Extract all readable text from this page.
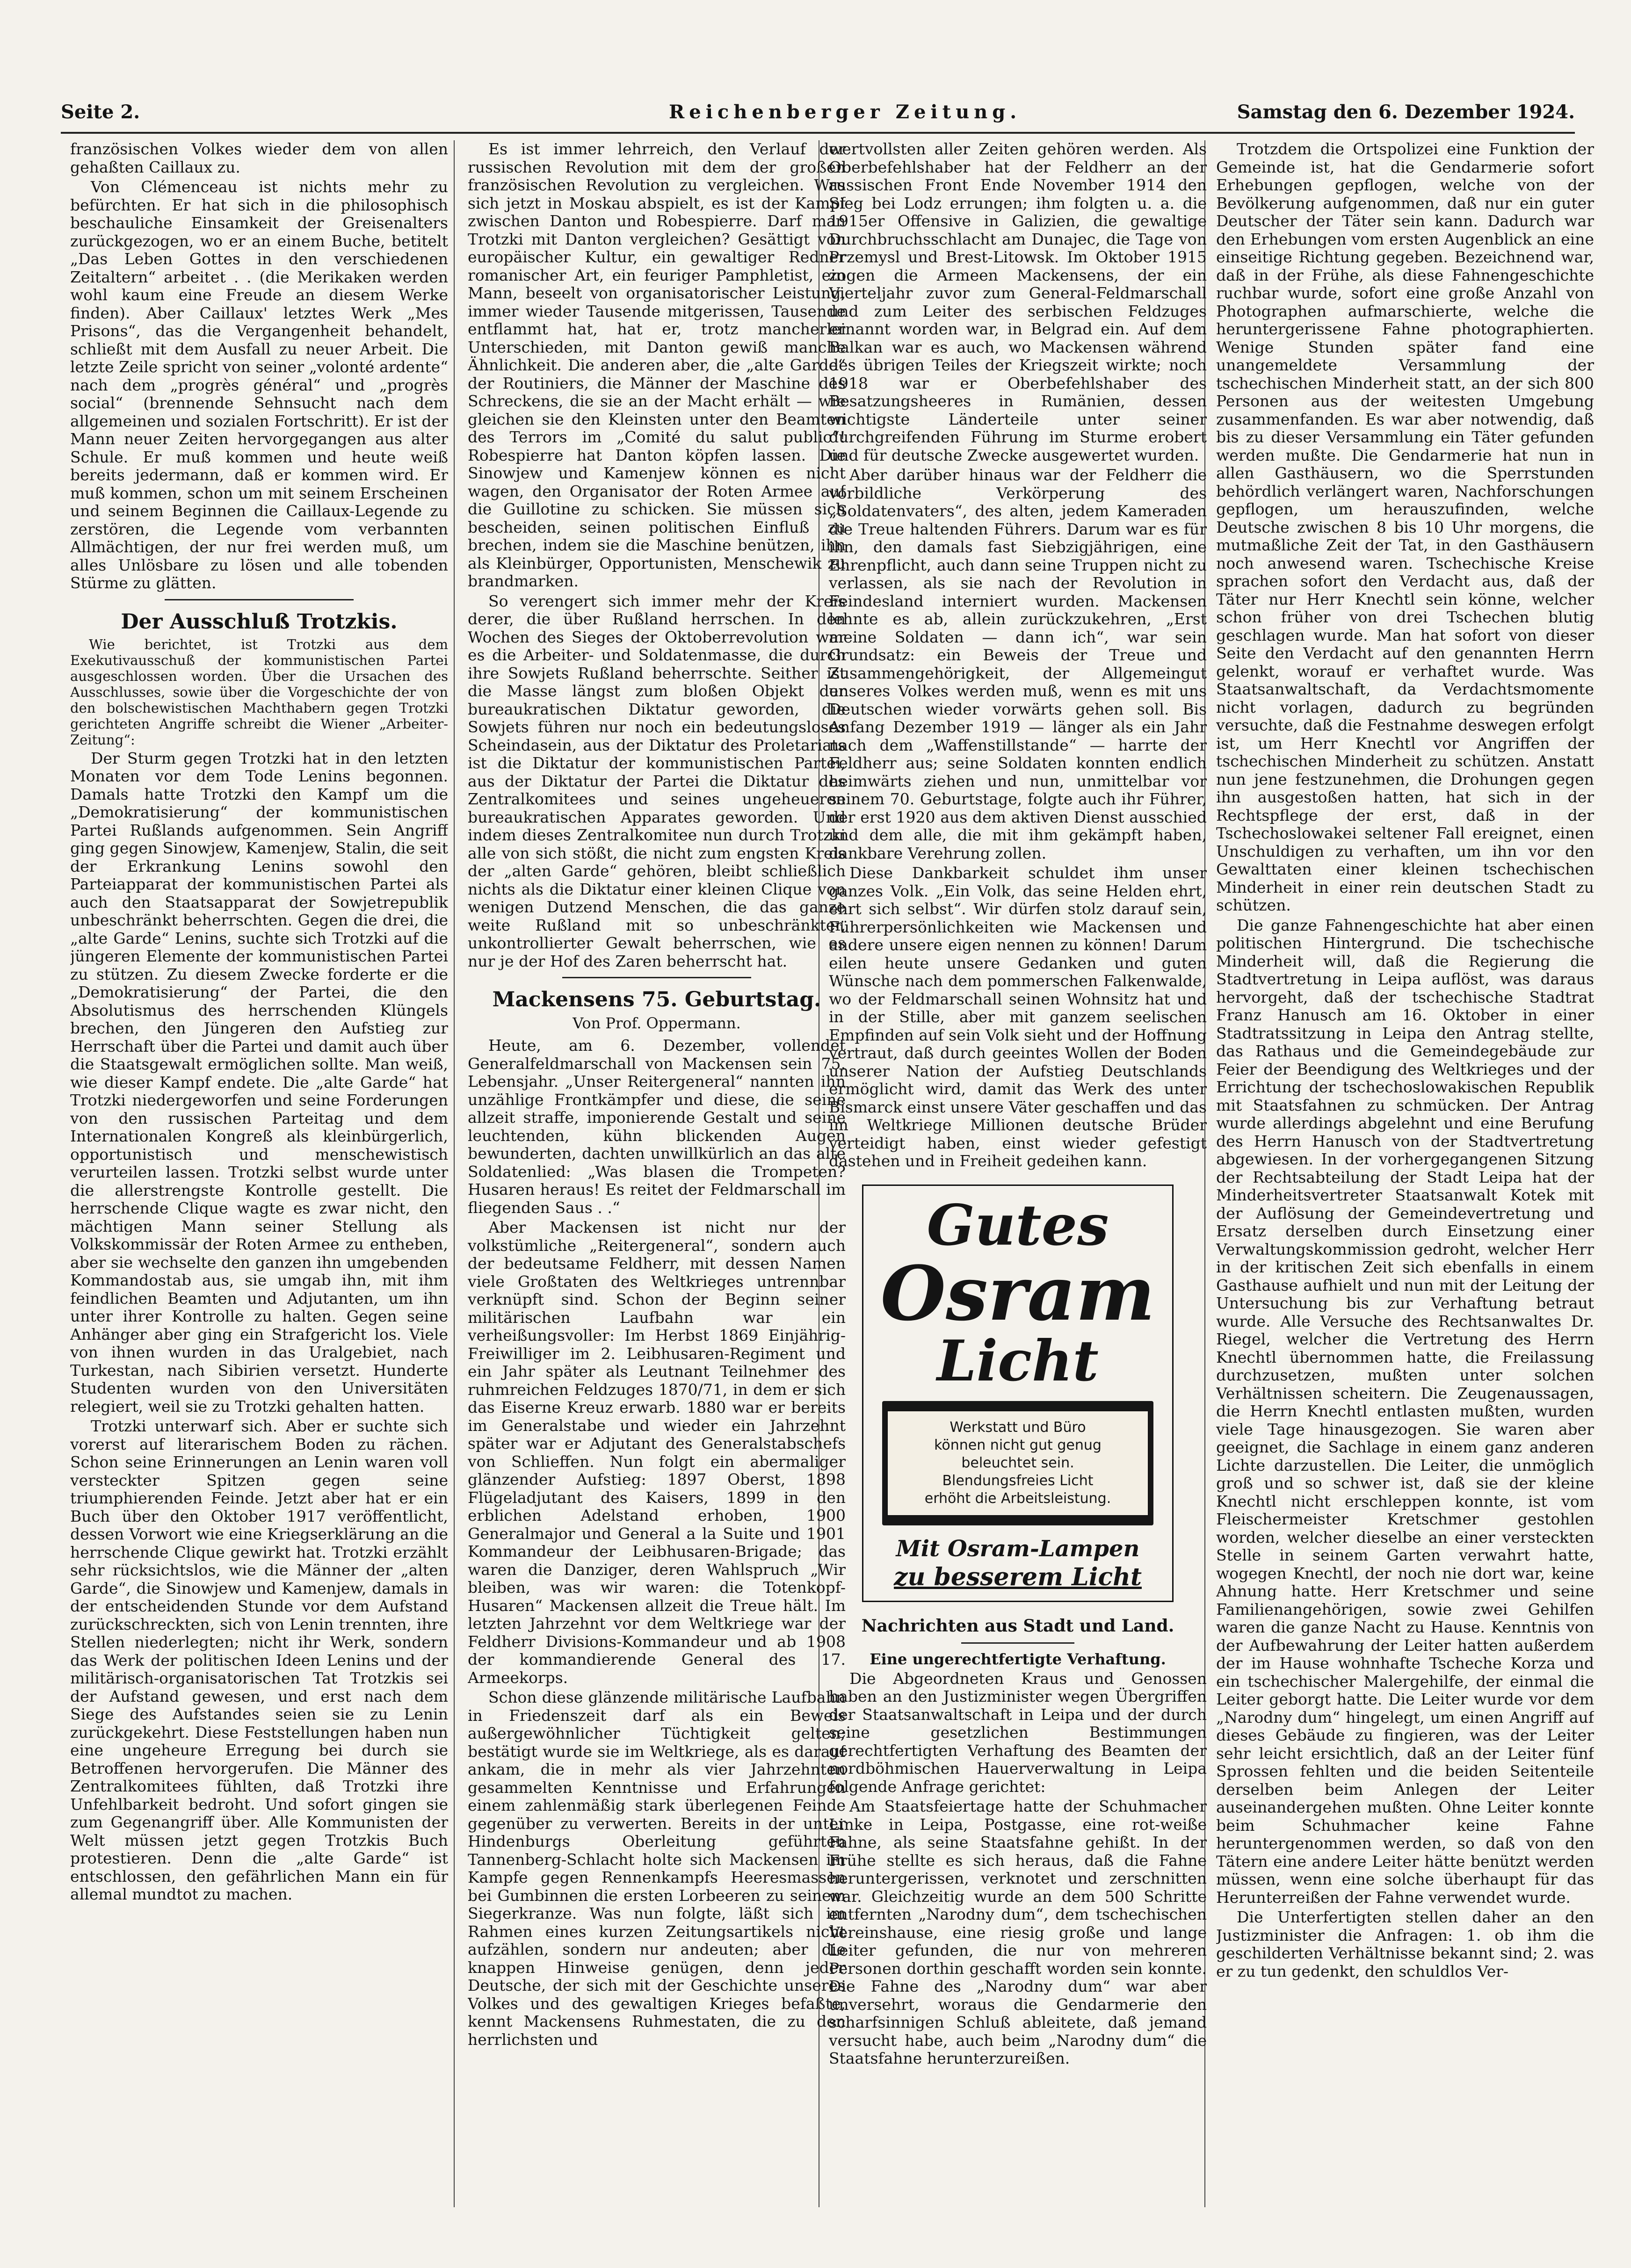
Seite 2.	Reichenberger Zeitung.	Samstag den 6. Dezember 1924.

französischen Volkes wieder dem von allen gehaßten Caillaux zu.

Von Clémenceau ist nichts mehr zu befürchten. Er hat sich in die philosophisch beschauliche Einsamkeit der Greisenalters zurückgezogen, wo er an einem Buche, betitelt „Das Leben Gottes in den verschiedenen Zeitaltern“ arbeitet . . (die Merikaken werden wohl kaum eine Freude an diesem Werke finden). Aber Caillaux' letztes Werk „Mes Prisons“, das die Vergangenheit behandelt, schließt mit dem Ausfall zu neuer Arbeit. Die letzte Zeile spricht von seiner „volonté ardente“ nach dem „progrès général“ und „progrès social“ (brennende Sehnsucht nach dem allgemeinen und sozialen Fortschritt). Er ist der Mann neuer Zeiten hervorgegangen aus alter Schule. Er muß kommen und heute weiß bereits jedermann, daß er kommen wird. Er muß kommen, schon um mit seinem Erscheinen und seinem Beginnen die Caillaux-Legende zu zerstören, die Legende vom verbannten Allmächtigen, der nur frei werden muß, um alles Unlösbare zu lösen und alle tobenden Stürme zu glätten.

Der Ausschluß Trotzkis.

Wie berichtet, ist Trotzki aus dem Exekutivausschuß der kommunistischen Partei ausgeschlossen worden. Über die Ursachen des Ausschlusses, sowie über die Vorgeschichte der von den bolschewistischen Machthabern gegen Trotzki gerichteten Angriffe schreibt die Wiener „Arbeiter-Zeitung“:

Der Sturm gegen Trotzki hat in den letzten Monaten vor dem Tode Lenins begonnen. Damals hatte Trotzki den Kampf um die „Demokratisierung“ der kommunistischen Partei Rußlands aufgenommen. Sein Angriff ging gegen Sinowjew, Kamenjew, Stalin, die seit der Erkrankung Lenins sowohl den Parteiapparat der kommunistischen Partei als auch den Staatsapparat der Sowjetrepublik unbeschränkt beherrschten. Gegen die drei, die „alte Garde“ Lenins, suchte sich Trotzki auf die jüngeren Elemente der kommunistischen Partei zu stützen. Zu diesem Zwecke forderte er die „Demokratisierung“ der Partei, die den Absolutismus des herrschenden Klüngels brechen, den Jüngeren den Aufstieg zur Herrschaft über die Partei und damit auch über die Staatsgewalt ermöglichen sollte. Man weiß, wie dieser Kampf endete. Die „alte Garde“ hat Trotzki niedergeworfen und seine Forderungen von den russischen Parteitag und dem Internationalen Kongreß als kleinbürgerlich, opportunistisch und menschewistisch verurteilen lassen. Trotzki selbst wurde unter die allerstrengste Kontrolle gestellt. Die herrschende Clique wagte es zwar nicht, den mächtigen Mann seiner Stellung als Volkskommissär der Roten Armee zu entheben, aber sie wechselte den ganzen ihn umgebenden Kommandostab aus, sie umgab ihn, mit ihm feindlichen Beamten und Adjutanten, um ihn unter ihrer Kontrolle zu halten. Gegen seine Anhänger aber ging ein Strafgericht los. Viele von ihnen wurden in das Uralgebiet, nach Turkestan, nach Sibirien versetzt. Hunderte Studenten wurden von den Universitäten relegiert, weil sie zu Trotzki gehalten hatten.

Trotzki unterwarf sich. Aber er suchte sich vorerst auf literarischem Boden zu rächen. Schon seine Erinnerungen an Lenin waren voll versteckter Spitzen gegen seine triumphierenden Feinde. Jetzt aber hat er ein Buch über den Oktober 1917 veröffentlicht, dessen Vorwort wie eine Kriegserklärung an die herrschende Clique gewirkt hat. Trotzki erzählt sehr rücksichtslos, wie die Männer der „alten Garde“, die Sinowjew und Kamenjew, damals in der entscheidenden Stunde vor dem Aufstand zurückschreckten, sich von Lenin trennten, ihre Stellen niederlegten; nicht ihr Werk, sondern das Werk der politischen Ideen Lenins und der militärisch-organisatorischen Tat Trotzkis sei der Aufstand gewesen, und erst nach dem Siege des Aufstandes seien sie zu Lenin zurückgekehrt. Diese Feststellungen haben nun eine ungeheure Erregung bei durch sie Betroffenen hervorgerufen. Die Männer des Zentralkomitees fühlten, daß Trotzki ihre Unfehlbarkeit bedroht. Und sofort gingen sie zum Gegenangriff über. Alle Kommunisten der Welt müssen jetzt gegen Trotzkis Buch protestieren. Denn die „alte Garde“ ist entschlossen, den gefährlichen Mann ein für allemal mundtot zu machen.

Es ist immer lehrreich, den Verlauf der russischen Revolution mit dem der großen französischen Revolution zu vergleichen. Was sich jetzt in Moskau abspielt, es ist der Kampf zwischen Danton und Robespierre. Darf man Trotzki mit Danton vergleichen? Gesättigt von europäischer Kultur, ein gewaltiger Redner romanischer Art, ein feuriger Pamphletist, ein Mann, beseelt von organisatorischer Leistung, immer wieder Tausende mitgerissen, Tausende entflammt hat, hat er, trotz mancherlei Unterschieden, mit Danton gewiß manche Ähnlichkeit. Die anderen aber, die „alte Garde“ der Routiniers, die Männer der Maschine des Schreckens, die sie an der Macht erhält — wie gleichen sie den Kleinsten unter den Beamten des Terrors im „Comité du salut public“! Robespierre hat Danton köpfen lassen. Die Sinowjew und Kamenjew können es nicht wagen, den Organisator der Roten Armee auf die Guillotine zu schicken. Sie müssen sich bescheiden, seinen politischen Einfluß zu brechen, indem sie die Maschine benützen, ihn als Kleinbürger, Opportunisten, Menschewik zu brandmarken.

So verengert sich immer mehr der Kreis derer, die über Rußland herrschen. In den Wochen des Sieges der Oktoberrevolution war es die Arbeiter- und Soldatenmasse, die durch ihre Sowjets Rußland beherrschte. Seither ist die Masse längst zum bloßen Objekt der bureaukratischen Diktatur geworden, die Sowjets führen nur noch ein bedeutungsloses Scheindasein, aus der Diktatur des Proletariats ist die Diktatur der kommunistischen Partei, aus der Diktatur der Partei die Diktatur des Zentralkomitees und seines ungeheueren bureaukratischen Apparates geworden. Und indem dieses Zentralkomitee nun durch Trotzki alle von sich stößt, die nicht zum engsten Kreis der „alten Garde“ gehören, bleibt schließlich nichts als die Diktatur einer kleinen Clique von wenigen Dutzend Menschen, die das ganze weite Rußland mit so unbeschränkter, unkontrollierter Gewalt beherrschen, wie es nur je der Hof des Zaren beherrscht hat.

Mackensens 75. Geburtstag.
Von Prof. Oppermann.

Heute, am 6. Dezember, vollendet Generalfeldmarschall von Mackensen sein 75. Lebensjahr. „Unser Reitergeneral“ nannten ihn unzählige Frontkämpfer und diese, die seine allzeit straffe, imponierende Gestalt und seine leuchtenden, kühn blickenden Augen bewunderten, dachten unwillkürlich an das alte Soldatenlied: „Was blasen die Trompeten? Husaren heraus! Es reitet der Feldmarschall im fliegenden Saus . .“

Aber Mackensen ist nicht nur der volkstümliche „Reitergeneral“, sondern auch der bedeutsame Feldherr, mit dessen Namen viele Großtaten des Weltkrieges untrennbar verknüpft sind. Schon der Beginn seiner militärischen Laufbahn war ein verheißungsvoller: Im Herbst 1869 Einjährig-Freiwilliger im 2. Leibhusaren-Regiment und ein Jahr später als Leutnant Teilnehmer des ruhmreichen Feldzuges 1870/71, in dem er sich das Eiserne Kreuz erwarb. 1880 war er bereits im Generalstabe und wieder ein Jahrzehnt später war er Adjutant des Generalstabschefs von Schlieffen. Nun folgt ein abermaliger glänzender Aufstieg: 1897 Oberst, 1898 Flügeladjutant des Kaisers, 1899 in den erblichen Adelstand erhoben, 1900 Generalmajor und General a la Suite und 1901 Kommandeur der Leibhusaren-Brigade; das waren die Danziger, deren Wahlspruch „Wir bleiben, was wir waren: die Totenkopf-Husaren“ Mackensen allzeit die Treue hält. Im letzten Jahrzehnt vor dem Weltkriege war der Feldherr Divisions-Kommandeur und ab 1908 der kommandierende General des 17. Armeekorps.

Schon diese glänzende militärische Laufbahn in Friedenszeit darf als ein Beweis außergewöhnlicher Tüchtigkeit gelten; bestätigt wurde sie im Weltkriege, als es darauf ankam, die in mehr als vier Jahrzehnten gesammelten Kenntnisse und Erfahrungen einem zahlenmäßig stark überlegenen Feinde gegenüber zu verwerten. Bereits in der unter Hindenburgs Oberleitung geführten Tannenberg-Schlacht holte sich Mackensen im Kampfe gegen Rennenkampfs Heeresmassen bei Gumbinnen die ersten Lorbeeren zu seinem Siegerkranze. Was nun folgte, läßt sich im Rahmen eines kurzen Zeitungsartikels nicht aufzählen, sondern nur andeuten; aber die knappen Hinweise genügen, denn jeder Deutsche, der sich mit der Geschichte unseres Volkes und des gewaltigen Krieges befaßte, kennt Mackensens Ruhmestaten, die zu den herrlichsten und

wertvollsten aller Zeiten gehören werden. Als Oberbefehlshaber hat der Feldherr an der russischen Front Ende November 1914 den Sieg bei Lodz errungen; ihm folgten u. a. die 1915er Offensive in Galizien, die gewaltige Durchbruchsschlacht am Dunajec, die Tage von Przemysl und Brest-Litowsk. Im Oktober 1915 zogen die Armeen Mackensens, der ein Vierteljahr zuvor zum General-Feldmarschall und zum Leiter des serbischen Feldzuges ernannt worden war, in Belgrad ein. Auf dem Balkan war es auch, wo Mackensen während des übrigen Teiles der Kriegszeit wirkte; noch 1918 war er Oberbefehlshaber des Besatzungsheeres in Rumänien, dessen wichtigste Länderteile unter seiner durchgreifenden Führung im Sturme erobert und für deutsche Zwecke ausgewertet wurden.

Aber darüber hinaus war der Feldherr die vorbildliche Verkörperung des „Soldatenvaters“, des alten, jedem Kameraden die Treue haltenden Führers. Darum war es für ihn, den damals fast Siebzigjährigen, eine Ehrenpflicht, auch dann seine Truppen nicht zu verlassen, als sie nach der Revolution in Feindesland interniert wurden. Mackensen lehnte es ab, allein zurückzukehren, „Erst meine Soldaten — dann ich“, war sein Grundsatz: ein Beweis der Treue und Zusammengehörigkeit, der Allgemeingut unseres Volkes werden muß, wenn es mit uns Deutschen wieder vorwärts gehen soll. Bis Anfang Dezember 1919 — länger als ein Jahr nach dem „Waffenstillstande“ — harrte der Feldherr aus; seine Soldaten konnten endlich heimwärts ziehen und nun, unmittelbar vor seinem 70. Geburtstage, folgte auch ihr Führer, der erst 1920 aus dem aktiven Dienst ausschied und dem alle, die mit ihm gekämpft haben, dankbare Verehrung zollen.

Diese Dankbarkeit schuldet ihm unser ganzes Volk. „Ein Volk, das seine Helden ehrt, ehrt sich selbst“. Wir dürfen stolz darauf sein, Führerpersönlichkeiten wie Mackensen und andere unsere eigen nennen zu können! Darum eilen heute unsere Gedanken und guten Wünsche nach dem pommerschen Falkenwalde, wo der Feldmarschall seinen Wohnsitz hat und in der Stille, aber mit ganzem seelischen Empfinden auf sein Volk sieht und der Hoffnung vertraut, daß durch geeintes Wollen der Boden unserer Nation der Aufstieg Deutschlands ermöglicht wird, damit das Werk des unter Bismarck einst unsere Väter geschaffen und das im Weltkriege Millionen deutsche Brüder verteidigt haben, einst wieder gefestigt dastehen und in Freiheit gedeihen kann.

Gutes
Osram
Licht
Werkstatt und Büro
können nicht gut genug
beleuchtet sein.
Blendungsfreies Licht
erhöht die Arbeitsleistung.
Mit Osram-Lampen
zu besserem Licht
Nachrichten aus Stadt und Land.
Eine ungerechtfertigte Verhaftung.

Die Abgeordneten Kraus und Genossen haben an den Justizminister wegen Übergriffen der Staatsanwaltschaft in Leipa und der durch seine gesetzlichen Bestimmungen gerechtfertigten Verhaftung des Beamten der nordböhmischen Hauerverwaltung in Leipa folgende Anfrage gerichtet:

Am Staatsfeiertage hatte der Schuhmacher Linke in Leipa, Postgasse, eine rot-weiße Fahne, als seine Staatsfahne gehißt. In der Frühe stellte es sich heraus, daß die Fahne heruntergerissen, verknotet und zerschnitten war. Gleichzeitig wurde an dem 500 Schritte entfernten „Narodny dum“, dem tschechischen Vereinshause, eine riesig große und lange Leiter gefunden, die nur von mehreren Personen dorthin geschafft worden sein konnte. Die Fahne des „Narodny dum“ war aber unversehrt, woraus die Gendarmerie den scharfsinnigen Schluß ableitete, daß jemand versucht habe, auch beim „Narodny dum“ die Staatsfahne herunterzureißen.

Trotzdem die Ortspolizei eine Funktion der Gemeinde ist, hat die Gendarmerie sofort Erhebungen gepflogen, welche von der Bevölkerung aufgenommen, daß nur ein guter Deutscher der Täter sein kann. Dadurch war den Erhebungen vom ersten Augenblick an eine einseitige Richtung gegeben. Bezeichnend war, daß in der Frühe, als diese Fahnengeschichte ruchbar wurde, sofort eine große Anzahl von Photographen aufmarschierte, welche die heruntergerissene Fahne photographierten. Wenige Stunden später fand eine unangemeldete Versammlung der tschechischen Minderheit statt, an der sich 800 Personen aus der weitesten Umgebung zusammenfanden. Es war aber notwendig, daß bis zu dieser Versammlung ein Täter gefunden werden mußte. Die Gendarmerie hat nun in allen Gasthäusern, wo die Sperrstunden behördlich verlängert waren, Nachforschungen gepflogen, um herauszufinden, welche Deutsche zwischen 8 bis 10 Uhr morgens, die mutmaßliche Zeit der Tat, in den Gasthäusern noch anwesend waren. Tschechische Kreise sprachen sofort den Verdacht aus, daß der Täter nur Herr Knechtl sein könne, welcher schon früher von drei Tschechen blutig geschlagen wurde. Man hat sofort von dieser Seite den Verdacht auf den genannten Herrn gelenkt, worauf er verhaftet wurde. Was Staatsanwaltschaft, da Verdachtsmomente nicht vorlagen, dadurch zu begründen versuchte, daß die Festnahme deswegen erfolgt ist, um Herr Knechtl vor Angriffen der tschechischen Minderheit zu schützen. Anstatt nun jene festzunehmen, die Drohungen gegen ihn ausgestoßen hatten, hat sich in der Rechtspflege der erst, daß in der Tschechoslowakei seltener Fall ereignet, einen Unschuldigen zu verhaften, um ihn vor den Gewalttaten einer kleinen tschechischen Minderheit in einer rein deutschen Stadt zu schützen.

Die ganze Fahnengeschichte hat aber einen politischen Hintergrund. Die tschechische Minderheit will, daß die Regierung die Stadtvertretung in Leipa auflöst, was daraus hervorgeht, daß der tschechische Stadtrat Franz Hanusch am 16. Oktober in einer Stadtratssitzung in Leipa den Antrag stellte, das Rathaus und die Gemeindegebäude zur Feier der Beendigung des Weltkrieges und der Errichtung der tschechoslowakischen Republik mit Staatsfahnen zu schmücken. Der Antrag wurde allerdings abgelehnt und eine Berufung des Herrn Hanusch von der Stadtvertretung abgewiesen. In der vorhergegangenen Sitzung der Rechtsabteilung der Stadt Leipa hat der Minderheitsvertreter Staatsanwalt Kotek mit der Auflösung der Gemeindevertretung und Ersatz derselben durch Einsetzung einer Verwaltungskommission gedroht, welcher Herr in der kritischen Zeit sich ebenfalls in einem Gasthause aufhielt und nun mit der Leitung der Untersuchung bis zur Verhaftung betraut wurde. Alle Versuche des Rechtsanwaltes Dr. Riegel, welcher die Vertretung des Herrn Knechtl übernommen hatte, die Freilassung durchzusetzen, mußten unter solchen Verhältnissen scheitern. Die Zeugenaussagen, die Herrn Knechtl entlasten mußten, wurden viele Tage hinausgezogen. Sie waren aber geeignet, die Sachlage in einem ganz anderen Lichte darzustellen. Die Leiter, die unmöglich groß und so schwer ist, daß sie der kleine Knechtl nicht erschleppen konnte, ist vom Fleischermeister Kretschmer gestohlen worden, welcher dieselbe an einer versteckten Stelle in seinem Garten verwahrt hatte, wogegen Knechtl, der noch nie dort war, keine Ahnung hatte. Herr Kretschmer und seine Familienangehörigen, sowie zwei Gehilfen waren die ganze Nacht zu Hause. Kenntnis von der Aufbewahrung der Leiter hatten außerdem der im Hause wohnhafte Tscheche Korza und ein tschechischer Malergehilfe, der einmal die Leiter geborgt hatte. Die Leiter wurde vor dem „Narodny dum“ hingelegt, um einen Angriff auf dieses Gebäude zu fingieren, was der Leiter sehr leicht ersichtlich, daß an der Leiter fünf Sprossen fehlten und die beiden Seitenteile derselben beim Anlegen der Leiter auseinandergehen mußten. Ohne Leiter konnte beim Schuhmacher keine Fahne heruntergenommen werden, so daß von den Tätern eine andere Leiter hätte benützt werden müssen, wenn eine solche überhaupt für das Herunterreißen der Fahne verwendet wurde.

Die Unterfertigten stellen daher an den Justizminister die Anfragen: 1. ob ihm die geschilderten Verhältnisse bekannt sind; 2. was er zu tun gedenkt, den schuldlos Ver-
